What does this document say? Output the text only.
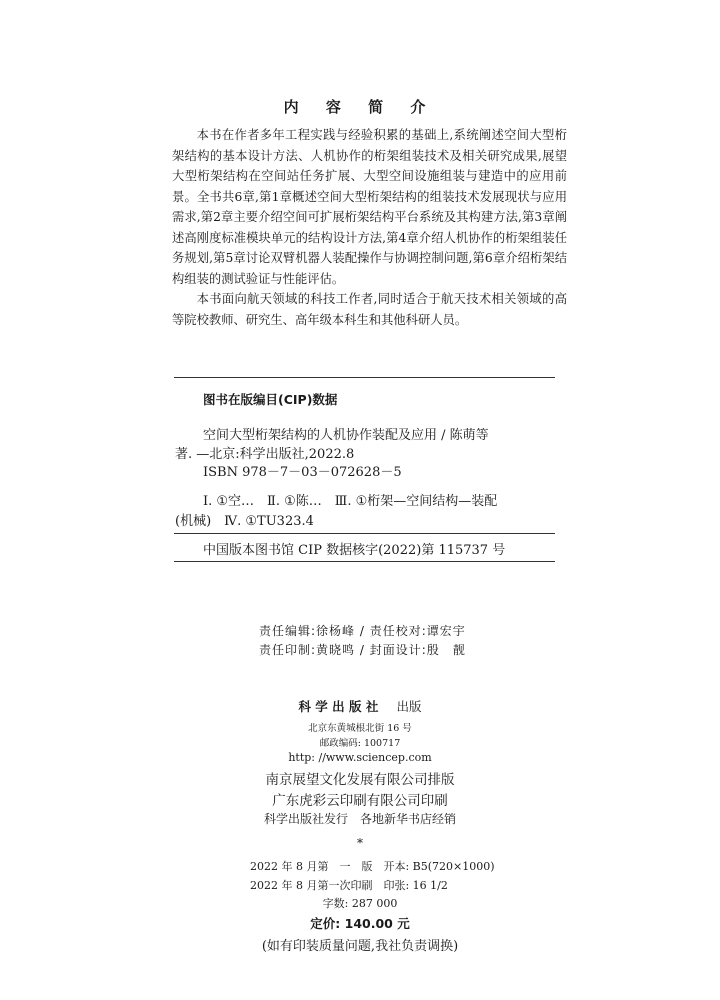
内 容 简 介

本书在作者多年工程实践与经验积累的基础上,系统阐述空间大型桁架结构的基本设计方法、人机协作的桁架组装技术及相关研究成果,展望大型桁架结构在空间站任务扩展、大型空间设施组装与建造中的应用前景。全书共6章,第1章概述空间大型桁架结构的组装技术发展现状与应用需求,第2章主要介绍空间可扩展桁架结构平台系统及其构建方法,第3章阐述高刚度标准模块单元的结构设计方法,第4章介绍人机协作的桁架组装任务规划,第5章讨论双臂机器人装配操作与协调控制问题,第6章介绍桁架结构组装的测试验证与性能评估。

本书面向航天领域的科技工作者,同时适合于航天技术相关领域的高等院校教师、研究生、高年级本科生和其他科研人员。

图书在版编目(CIP)数据
空间大型桁架结构的人机协作装配及应用 / 陈萌等
著. —北京:科学出版社,2022.8
ISBN 978－7－03－072628－5
Ⅰ. ①空…　Ⅱ. ①陈…　Ⅲ. ①桁架—空间结构—装配
(机械)　Ⅳ. ①TU323.4
中国版本图书馆 CIP 数据核字(2022)第 115737 号
责任编辑:徐杨峰 / 责任校对:谭宏宇
责任印制:黄晓鸣 / 封面设计:殷　靓
科 学 出 版 社 出版
北京东黄城根北街 16 号
邮政编码: 100717
http: //www.sciencep.com
南京展望文化发展有限公司排版
广东虎彩云印刷有限公司印刷
科学出版社发行　各地新华书店经销
*
2022 年 8 月第　一　版　开本: B5(720×1000)
2022 年 8 月第一次印刷　印张: 16 1/2
字数: 287 000
定价: 140.00 元
(如有印装质量问题,我社负责调换)
